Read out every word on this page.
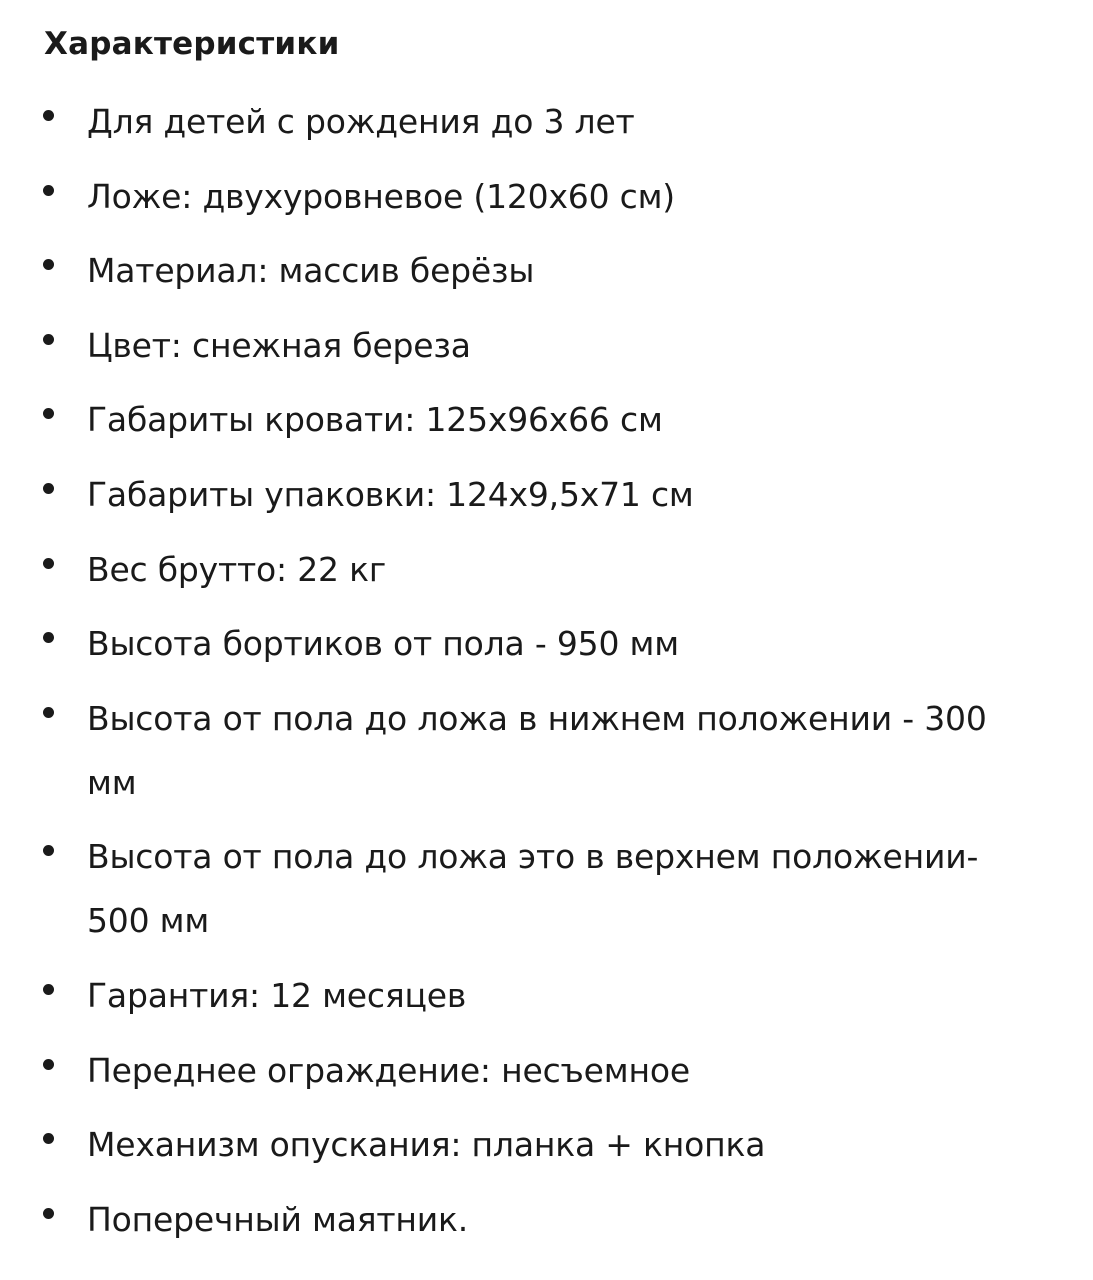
Характеристики
Для детей с рождения до 3 лет
Ложе: двухуровневое (120х60 см)
Материал: массив берёзы
Цвет: снежная береза
Габариты кровати: 125х96х66 см
Габариты упаковки: 124х9,5х71 см
Вес брутто: 22 кг
Высота бортиков от пола - 950 мм
Высота от пола до ложа в нижнем положении - 300
мм
Высота от пола до ложа это в верхнем положении-
500 мм
Гарантия: 12 месяцев
Переднее ограждение: несъемное
Механизм опускания: планка + кнопка
Поперечный маятник.
